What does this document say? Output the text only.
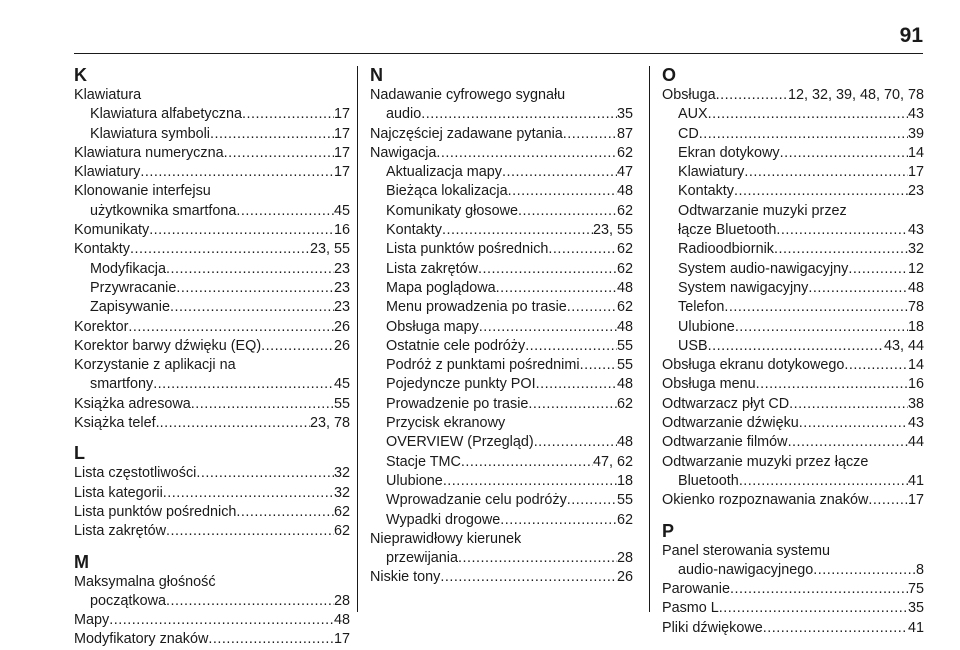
91
K
Klawiatura
Klawiatura alfabetyczna .....	17
Klawiatura symboli .....	17
Klawiatura numeryczna .....	17
Klawiatury .....	17
Klonowanie interfejsu
użytkownika smartfona .....	45
Komunikaty .....	16
Kontakty .....	23, 55
Modyfikacja .....	23
Przywracanie .....	23
Zapisywanie .....	23
Korektor .....	26
Korektor barwy dźwięku (EQ) .....	26
Korzystanie z aplikacji na
smartfony .....	45
Książka adresowa .....	55
Książka telef. .....	23, 78
L
Lista częstotliwości .....	32
Lista kategorii .....	32
Lista punktów pośrednich .....	62
Lista zakrętów .....	62
M
Maksymalna głośność
początkowa .....	28
Mapy .....	48
Modyfikatory znaków .....	17
N
Nadawanie cyfrowego sygnału
audio .....	35
Najczęściej zadawane pytania .....	87
Nawigacja .....	62
Aktualizacja mapy .....	47
Bieżąca lokalizacja .....	48
Komunikaty głosowe .....	62
Kontakty .....	23, 55
Lista punktów pośrednich .....	62
Lista zakrętów .....	62
Mapa poglądowa .....	48
Menu prowadzenia po trasie .....	62
Obsługa mapy .....	48
Ostatnie cele podróży .....	55
Podróż z punktami pośrednimi .....	55
Pojedyncze punkty POI .....	48
Prowadzenie po trasie .....	62
Przycisk ekranowy
OVERVIEW (Przegląd) .....	48
Stacje TMC .....	47, 62
Ulubione .....	18
Wprowadzanie celu podróży .....	55
Wypadki drogowe .....	62
Nieprawidłowy kierunek
przewijania .....	28
Niskie tony .....	26
O
Obsługa .....	12, 32, 39, 48, 70, 78
AUX .....	43
CD .....	39
Ekran dotykowy .....	14
Klawiatury .....	17
Kontakty .....	23
Odtwarzanie muzyki przez
łącze Bluetooth .....	43
Radioodbiornik .....	32
System audio-nawigacyjny .....	12
System nawigacyjny .....	48
Telefon .....	78
Ulubione .....	18
USB .....	43, 44
Obsługa ekranu dotykowego .....	14
Obsługa menu .....	16
Odtwarzacz płyt CD .....	38
Odtwarzanie dźwięku .....	43
Odtwarzanie filmów .....	44
Odtwarzanie muzyki przez łącze
Bluetooth .....	41
Okienko rozpoznawania znaków .....	17
P
Panel sterowania systemu
audio-nawigacyjnego .....	8
Parowanie .....	75
Pasmo L .....	35
Pliki dźwiękowe .....	41
